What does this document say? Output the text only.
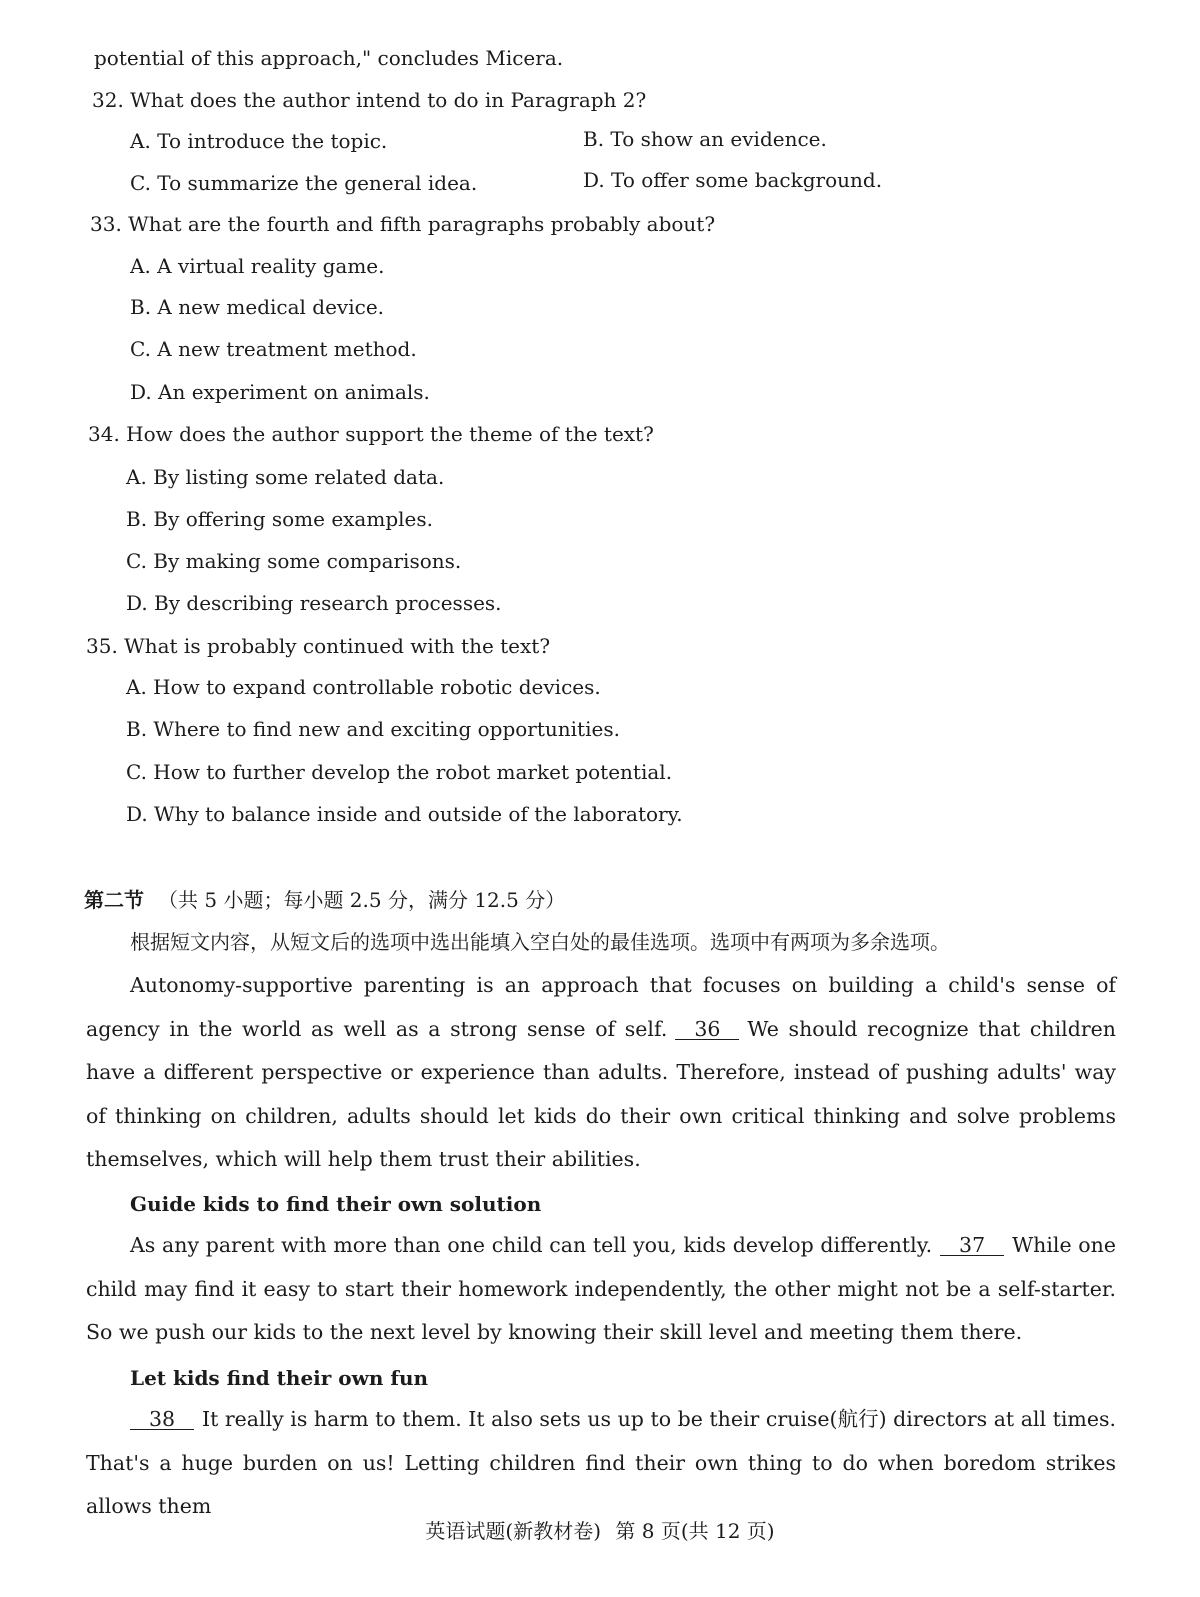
potential of this approach," concludes Micera.
32. What does the author intend to do in Paragraph 2?
A. To introduce the topic.	B. To show an evidence.
C. To summarize the general idea.	D. To offer some background.
33. What are the fourth and fifth paragraphs probably about?
A. A virtual reality game.
B. A new medical device.
C. A new treatment method.
D. An experiment on animals.
34. How does the author support the theme of the text?
A. By listing some related data.
B. By offering some examples.
C. By making some comparisons.
D. By describing research processes.
35. What is probably continued with the text?
A. How to expand controllable robotic devices.
B. Where to find new and exciting opportunities.
C. How to further develop the robot market potential.
D. Why to balance inside and outside of the laboratory.
第二节 （共 5 小题；每小题 2.5 分，满分 12.5 分）
根据短文内容，从短文后的选项中选出能填入空白处的最佳选项。选项中有两项为多余选项。
Autonomy-supportive parenting is an approach that focuses on building a child's sense of agency in the world as well as a strong sense of self. 36 We should recognize that children have a different perspective or experience than adults. Therefore, instead of pushing adults' way of thinking on children, adults should let kids do their own critical thinking and solve problems themselves, which will help them trust their abilities.
Guide kids to find their own solution
As any parent with more than one child can tell you, kids develop differently. 37 While one child may find it easy to start their homework independently, the other might not be a self-starter. So we push our kids to the next level by knowing their skill level and meeting them there.
Let kids find their own fun
38 It really is harm to them. It also sets us up to be their cruise(航行) directors at all times. That's a huge burden on us! Letting children find their own thing to do when boredom strikes allows them
英语试题(新教材卷) 第 8 页(共 12 页)
